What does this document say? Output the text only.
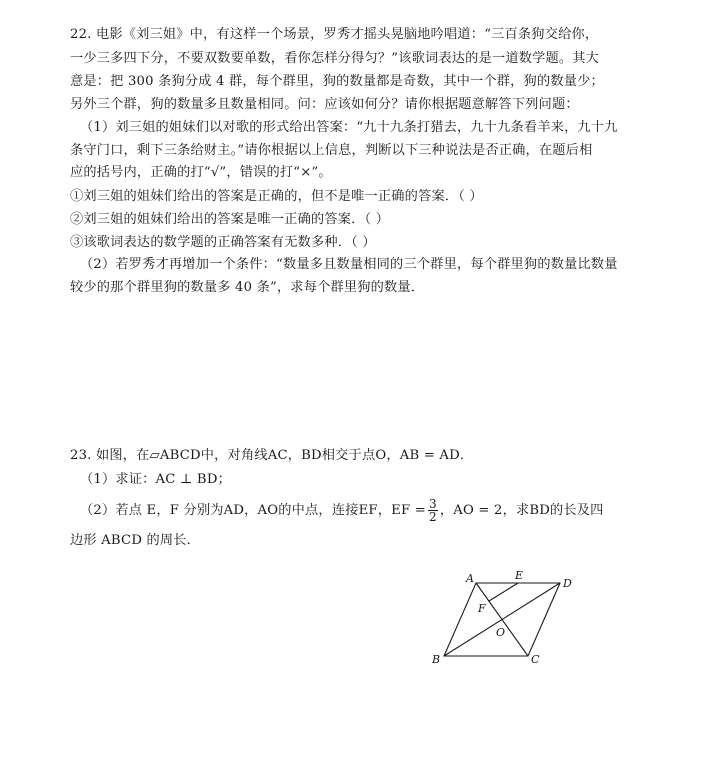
22. 电影《刘三姐》中，有这样一个场景，罗秀才摇头晃脑地吟唱道：“三百条狗交给你，
一少三多四下分，不要双数要单数，看你怎样分得匀？”该歌词表达的是一道数学题。其大
意是：把 300 条狗分成 4 群，每个群里，狗的数量都是奇数，其中一个群，狗的数量少；
另外三个群，狗的数量多且数量相同。问：应该如何分？请你根据题意解答下列问题：
（1）刘三姐的姐妹们以对歌的形式给出答案：“九十九条打猎去，九十九条看羊来，九十九
条守门口，剩下三条给财主。”请你根据以上信息，判断以下三种说法是否正确，在题后相
应的括号内，正确的打“√”，错误的打“×”。
①刘三姐的姐妹们给出的答案是正确的，但不是唯一正确的答案．（ ）
②刘三姐的姐妹们给出的答案是唯一正确的答案．（ ）
③该歌词表达的数学题的正确答案有无数多种．（ ）
（2）若罗秀才再增加一个条件：“数量多且数量相同的三个群里，每个群里狗的数量比数量
较少的那个群里狗的数量多 40 条”，求每个群里狗的数量．
23. 如图，在▱ABCD中，对角线AC，BD相交于点O，AB = AD．
（1）求证：AC ⊥ BD；
（2）若点 E，F 分别为AD，AO的中点，连接EF，EF = $\frac{3}{2}$ ，AO = 2，求BD的长及四
边形 ABCD 的周长．
A	E
D
F
O
B	C
